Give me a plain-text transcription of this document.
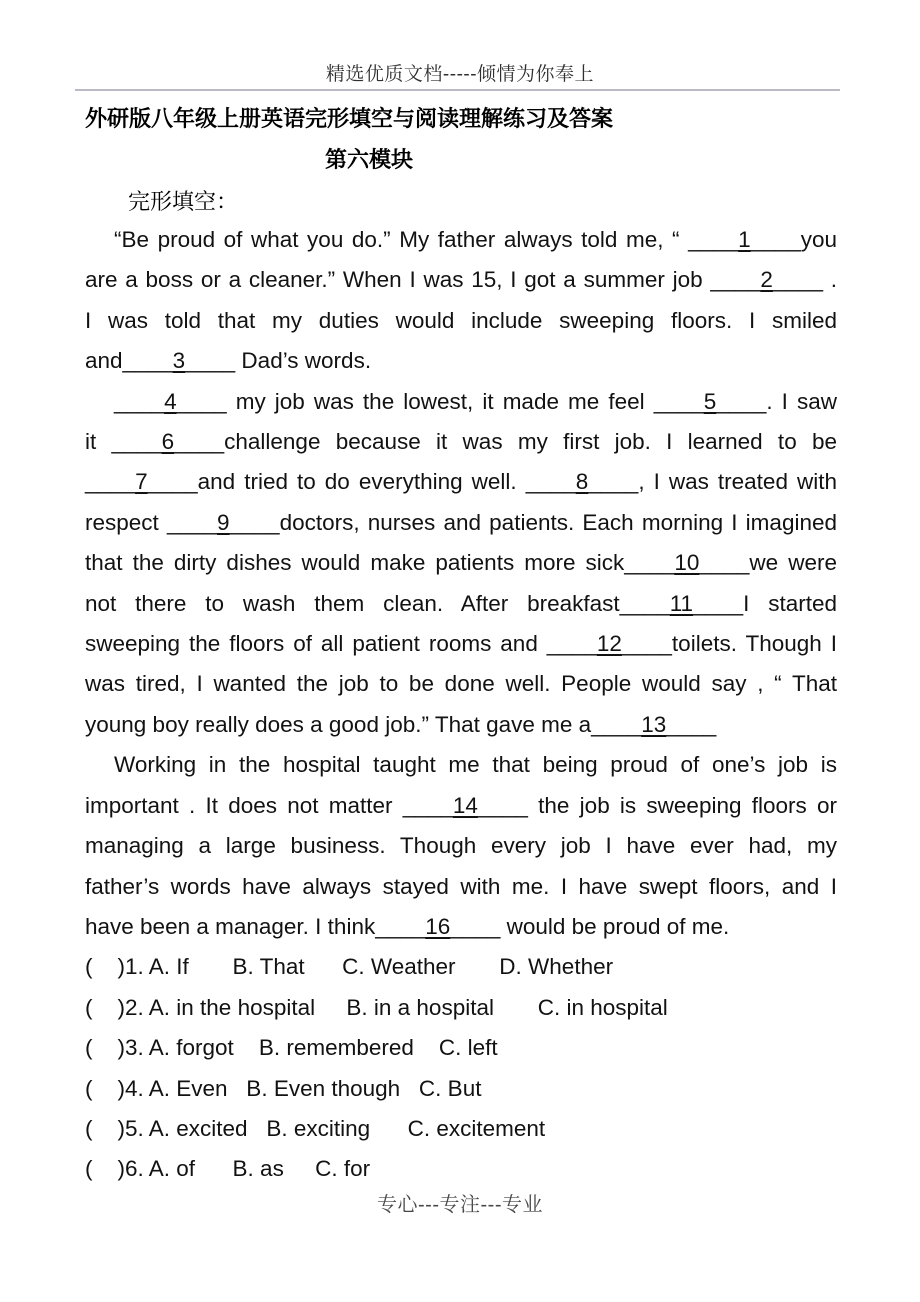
精选优质文档-----倾情为你奉上
外研版八年级上册英语完形填空与阅读理解练习及答案
第六模块
完形填空：
“Be proud of what you do.” My father always told me, “ ____1____you
are a boss or a cleaner.” When I was 15, I got a summer job ____2____ .
I was told that my duties would include sweeping floors. I smiled
and____3____ Dad’s words.
____4____ my job was the lowest, it made me feel ____5____. I saw
it ____6____challenge because it was my first job. I learned to be
____7____and tried to do everything well. ____8____, I was treated with
respect ____9____doctors, nurses and patients. Each morning I imagined
that the dirty dishes would make patients more sick____10____we were
not there to wash them clean. After breakfast____11____I started
sweeping the floors of all patient rooms and ____12____toilets. Though I
was tired, I wanted the job to be done well. People would say , “ That
young boy really does a good job.” That gave me a____13____
Working in the hospital taught me that being proud of one’s job is
important . It does not matter ____14____ the job is sweeping floors or
managing a large business. Though every job I have ever had, my
father’s words have always stayed with me. I have swept floors, and I
have been a manager. I think____16____ would be proud of me.
(    )1. A. If       B. That      C. Weather       D. Whether
(    )2. A. in the hospital     B. in a hospital       C. in hospital
(    )3. A. forgot    B. remembered    C. left
(    )4. A. Even   B. Even though   C. But
(    )5. A. excited   B. exciting      C. excitement
(    )6. A. of      B. as     C. for
专心---专注---专业
